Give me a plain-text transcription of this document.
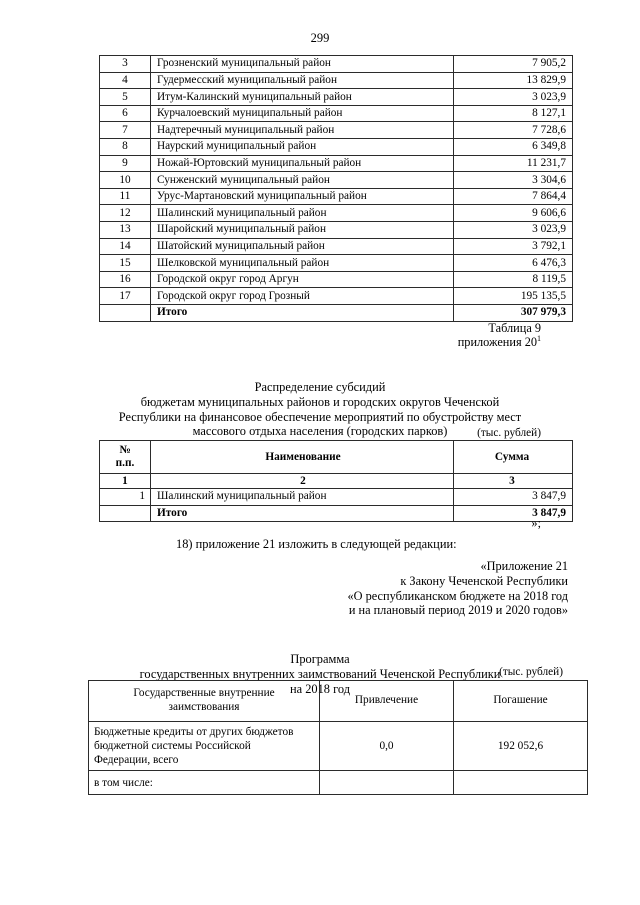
299
3	Грозненский муниципальный район	7 905,2
4	Гудермесский муниципальный район	13 829,9
5	Итум-Калинский муниципальный район	3 023,9
6	Курчалоевский муниципальный район	8 127,1
7	Надтеречный муниципальный район	7 728,6
8	Наурский муниципальный район	6 349,8
9	Ножай-Юртовский муниципальный район	11 231,7
10	Сунженский муниципальный район	3 304,6
11	Урус-Мартановский муниципальный район	7 864,4
12	Шалинский муниципальный район	9 606,6
13	Шаройский муниципальный район	3 023,9
14	Шатойский муниципальный район	3 792,1
15	Шелковской муниципальный район	6 476,3
16	Городской округ город Аргун	8 119,5
17	Городской округ город Грозный	195 135,5
	Итого	307 979,3
Таблица 9
приложения $20^1$
Распределение субсидий
бюджетам муниципальных районов и городских округов Чеченской
Республики на финансовое обеспечение мероприятий по обустройству мест
массового отдыха населения (городских парков)	(тыс. рублей)
№
п.п.	Наименование	Сумма
1	2	3
1	Шалинский муниципальный район	3 847,9
	Итого	3 847,9
»;
18) приложение 21 изложить в следующей редакции:
«Приложение 21
к Закону Чеченской Республики
«О республиканском бюджете на 2018 год
и на плановый период 2019 и 2020 годов»
Программа
государственных внутренних заимствований Чеченской Республики
на 2018 год
(тыс. рублей)
Государственные внутренние
заимствования	Привлечение	Погашение
Бюджетные кредиты от других бюджетов
бюджетной системы Российской
Федерации, всего	0,0	192 052,6
в том числе:		
